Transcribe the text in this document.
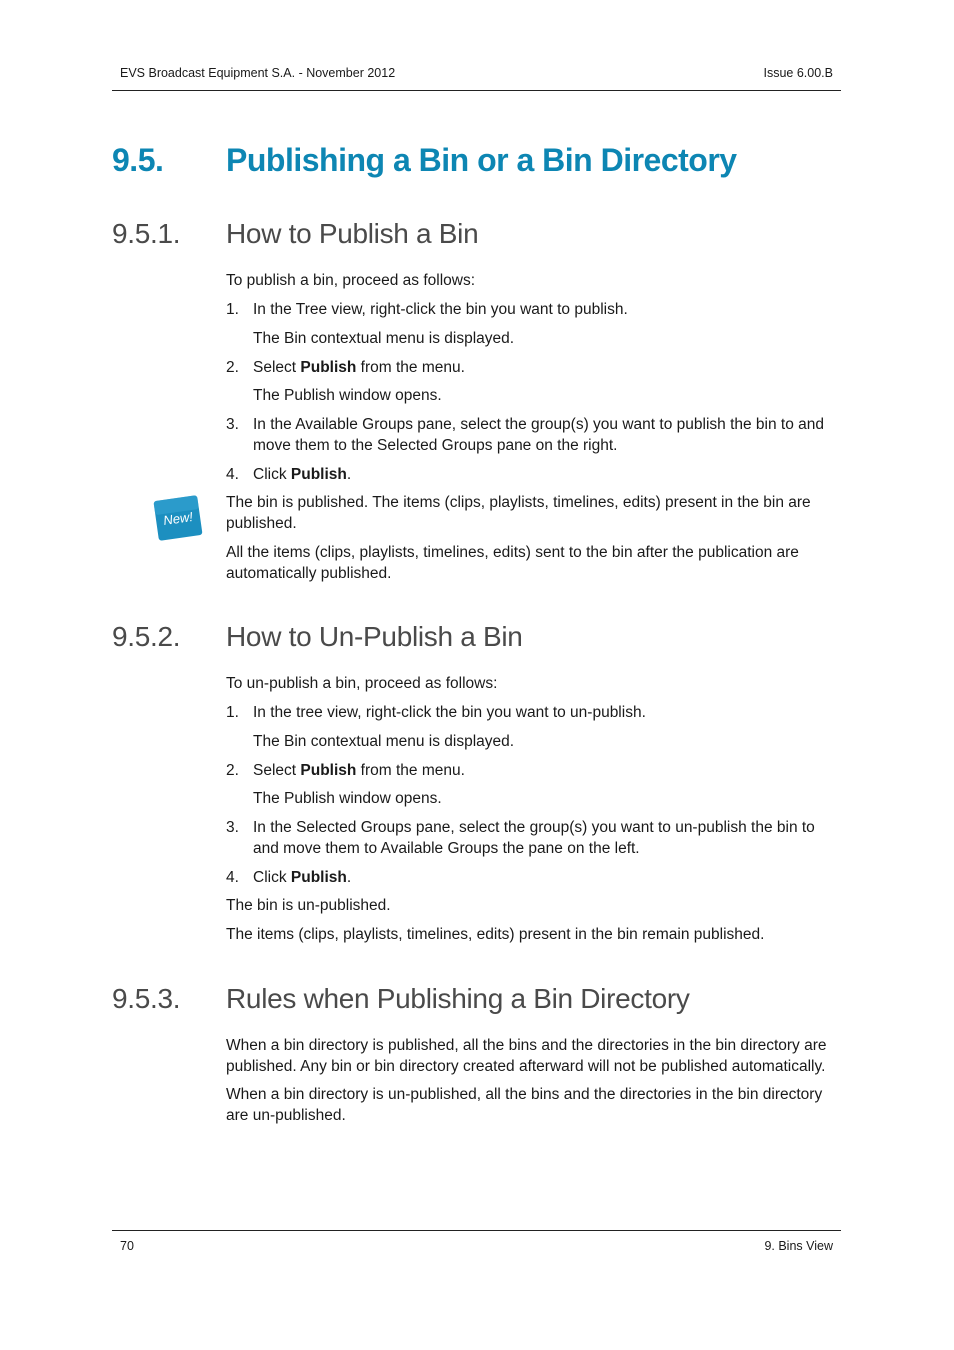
EVS Broadcast Equipment S.A. - November 2012	Issue 6.00.B
9.5. Publishing a Bin or a Bin Directory
9.5.1. How to Publish a Bin
To publish a bin, proceed as follows:
1. In the Tree view, right-click the bin you want to publish.
The Bin contextual menu is displayed.
2. Select Publish from the menu.
The Publish window opens.
3. In the Available Groups pane, select the group(s) you want to publish the bin to and move them to the Selected Groups pane on the right.
4. Click Publish.
New!
The bin is published. The items (clips, playlists, timelines, edits) present in the bin are published.
All the items (clips, playlists, timelines, edits) sent to the bin after the publication are automatically published.
9.5.2. How to Un-Publish a Bin
To un-publish a bin, proceed as follows:
1. In the tree view, right-click the bin you want to un-publish.
The Bin contextual menu is displayed.
2. Select Publish from the menu.
The Publish window opens.
3. In the Selected Groups pane, select the group(s) you want to un-publish the bin to and move them to Available Groups the pane on the left.
4. Click Publish.
The bin is un-published.
The items (clips, playlists, timelines, edits) present in the bin remain published.
9.5.3. Rules when Publishing a Bin Directory
When a bin directory is published, all the bins and the directories in the bin directory are published. Any bin or bin directory created afterward will not be published automatically.
When a bin directory is un-published, all the bins and the directories in the bin directory are un-published.
70	9. Bins View
